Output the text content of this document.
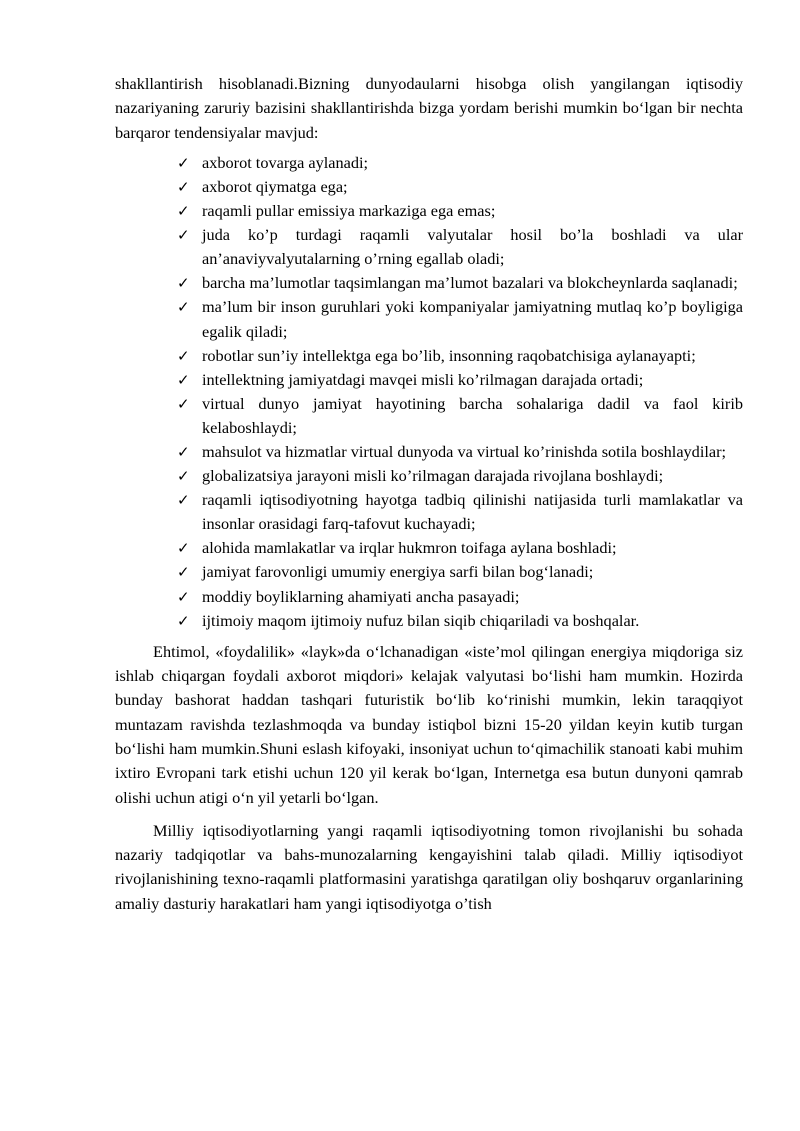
shakllantirish hisoblanadi.Bizning dunyodaularni hisobga olish yangilangan iqtisodiy nazariyaning zaruriy bazisini shakllantirishda bizga yordam berishi mumkin bo‘lgan bir nechta barqaror tendensiyalar mavjud:

✓ axborot tovarga aylanadi;
✓ axborot qiymatga ega;
✓ raqamli pullar emissiya markaziga ega emas;
✓ juda ko’p turdagi raqamli valyutalar hosil bo’la boshladi va ular an’anaviyvalyutalarning o’rning egallab oladi;
✓ barcha ma’lumotlar taqsimlangan ma’lumot bazalari va blokcheynlarda saqlanadi;
✓ ma’lum bir inson guruhlari yoki kompaniyalar jamiyatning mutlaq ko’p boyligiga egalik qiladi;
✓ robotlar sun’iy intellektga ega bo’lib, insonning raqobatchisiga aylanayapti;
✓ intellektning jamiyatdagi mavqei misli ko’rilmagan darajada ortadi;
✓ virtual dunyo jamiyat hayotining barcha sohalariga dadil va faol kirib kelaboshlaydi;
✓ mahsulot va hizmatlar virtual dunyoda va virtual ko’rinishda sotila boshlaydilar;
✓ globalizatsiya jarayoni misli ko’rilmagan darajada rivojlana boshlaydi;
✓ raqamli iqtisodiyotning hayotga tadbiq qilinishi natijasida turli mamlakatlar va insonlar orasidagi farq-tafovut kuchayadi;
✓ alohida mamlakatlar va irqlar hukmron toifaga aylana boshladi;
✓ jamiyat farovonligi umumiy energiya sarfi bilan bog‘lanadi;
✓ moddiy boyliklarning ahamiyati ancha pasayadi;
✓ ijtimoiy maqom ijtimoiy nufuz bilan siqib chiqariladi va boshqalar.

Ehtimol, «foydalilik» «layk»da o‘lchanadigan «iste’mol qilingan energiya miqdoriga siz ishlab chiqargan foydali axborot miqdori» kelajak valyutasi bo‘lishi ham mumkin. Hozirda bunday bashorat haddan tashqari futuristik bo‘lib ko‘rinishi mumkin, lekin taraqqiyot muntazam ravishda tezlashmoqda va bunday istiqbol bizni 15-20 yildan keyin kutib turgan bo‘lishi ham mumkin.Shuni eslash kifoyaki, insoniyat uchun to‘qimachilik stanoati kabi muhim ixtiro Evropani tark etishi uchun 120 yil kerak bo‘lgan, Internetga esa butun dunyoni qamrab olishi uchun atigi o‘n yil yetarli bo‘lgan.

Milliy iqtisodiyotlarning yangi raqamli iqtisodiyotning tomon rivojlanishi bu sohada nazariy tadqiqotlar va bahs-munozalarning kengayishini talab qiladi. Milliy iqtisodiyot rivojlanishining texno-raqamli platformasini yaratishga qaratilgan oliy boshqaruv organlarining amaliy dasturiy harakatlari ham yangi iqtisodiyotga o’tish
